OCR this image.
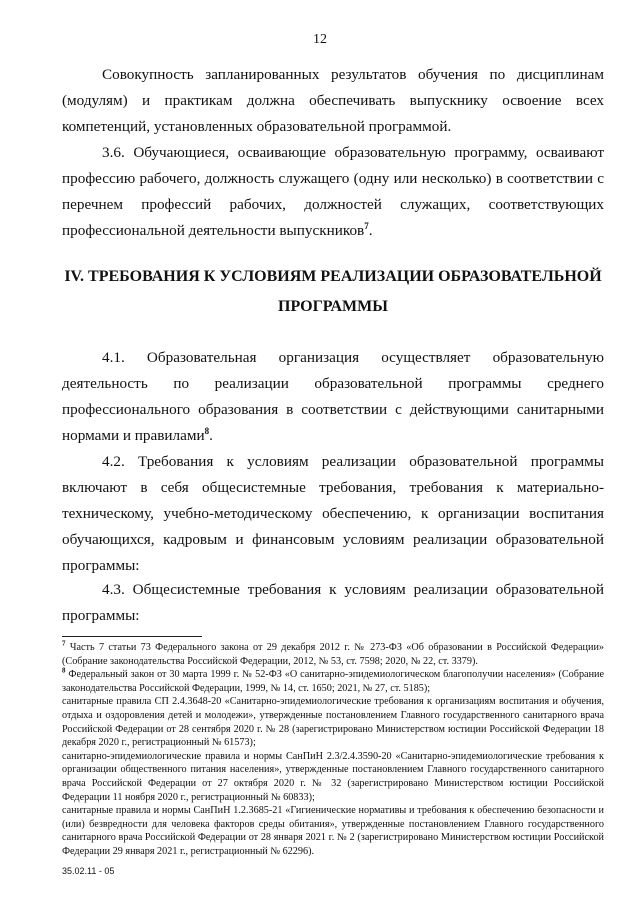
12

Совокупность запланированных результатов обучения по дисциплинам (модулям) и практикам должна обеспечивать выпускнику освоение всех компетенций, установленных образовательной программой.

3.6. Обучающиеся, осваивающие образовательную программу, осваивают профессию рабочего, должность служащего (одну или несколько) в соответствии с перечнем профессий рабочих, должностей служащих, соответствующих профессиональной деятельности выпускников$^7$.

IV. ТРЕБОВАНИЯ К УСЛОВИЯМ РЕАЛИЗАЦИИ ОБРАЗОВАТЕЛЬНОЙ ПРОГРАММЫ

4.1. Образовательная организация осуществляет образовательную деятельность по реализации образовательной программы среднего профессионального образования в соответствии с действующими санитарными нормами и правилами$^8$.

4.2. Требования к условиям реализации образовательной программы включают в себя общесистемные требования, требования к материально-техническому, учебно-методическому обеспечению, к организации воспитания обучающихся, кадровым и финансовым условиям реализации образовательной программы:

4.3. Общесистемные требования к условиям реализации образовательной программы:

$^7$ Часть 7 статьи 73 Федерального закона от 29 декабря 2012 г. № 273-ФЗ «Об образовании в Российской Федерации» (Собрание законодательства Российской Федерации, 2012, № 53, ст. 7598; 2020, № 22, ст. 3379).

$^8$ Федеральный закон от 30 марта 1999 г. № 52-ФЗ «О санитарно-эпидемиологическом благополучии населения» (Собрание законодательства Российской Федерации, 1999, № 14, ст. 1650; 2021, № 27, ст. 5185);

санитарные правила СП 2.4.3648-20 «Санитарно-эпидемиологические требования к организациям воспитания и обучения, отдыха и оздоровления детей и молодежи», утвержденные постановлением Главного государственного санитарного врача Российской Федерации от 28 сентября 2020 г. № 28 (зарегистрировано Министерством юстиции Российской Федерации 18 декабря 2020 г., регистрационный № 61573);

санитарно-эпидемиологические правила и нормы СанПиН 2.3/2.4.3590-20 «Санитарно-эпидемиологические требования к организации общественного питания населения», утвержденные постановлением Главного государственного санитарного врача Российской Федерации от 27 октября 2020 г. № 32 (зарегистрировано Министерством юстиции Российской Федерации 11 ноября 2020 г., регистрационный № 60833);

санитарные правила и нормы СанПиН 1.2.3685-21 «Гигиенические нормативы и требования к обеспечению безопасности и (или) безвредности для человека факторов среды обитания», утвержденные постановлением Главного государственного санитарного врача Российской Федерации от 28 января 2021 г. № 2 (зарегистрировано Министерством юстиции Российской Федерации 29 января 2021 г., регистрационный № 62296).

35.02.11 - 05
